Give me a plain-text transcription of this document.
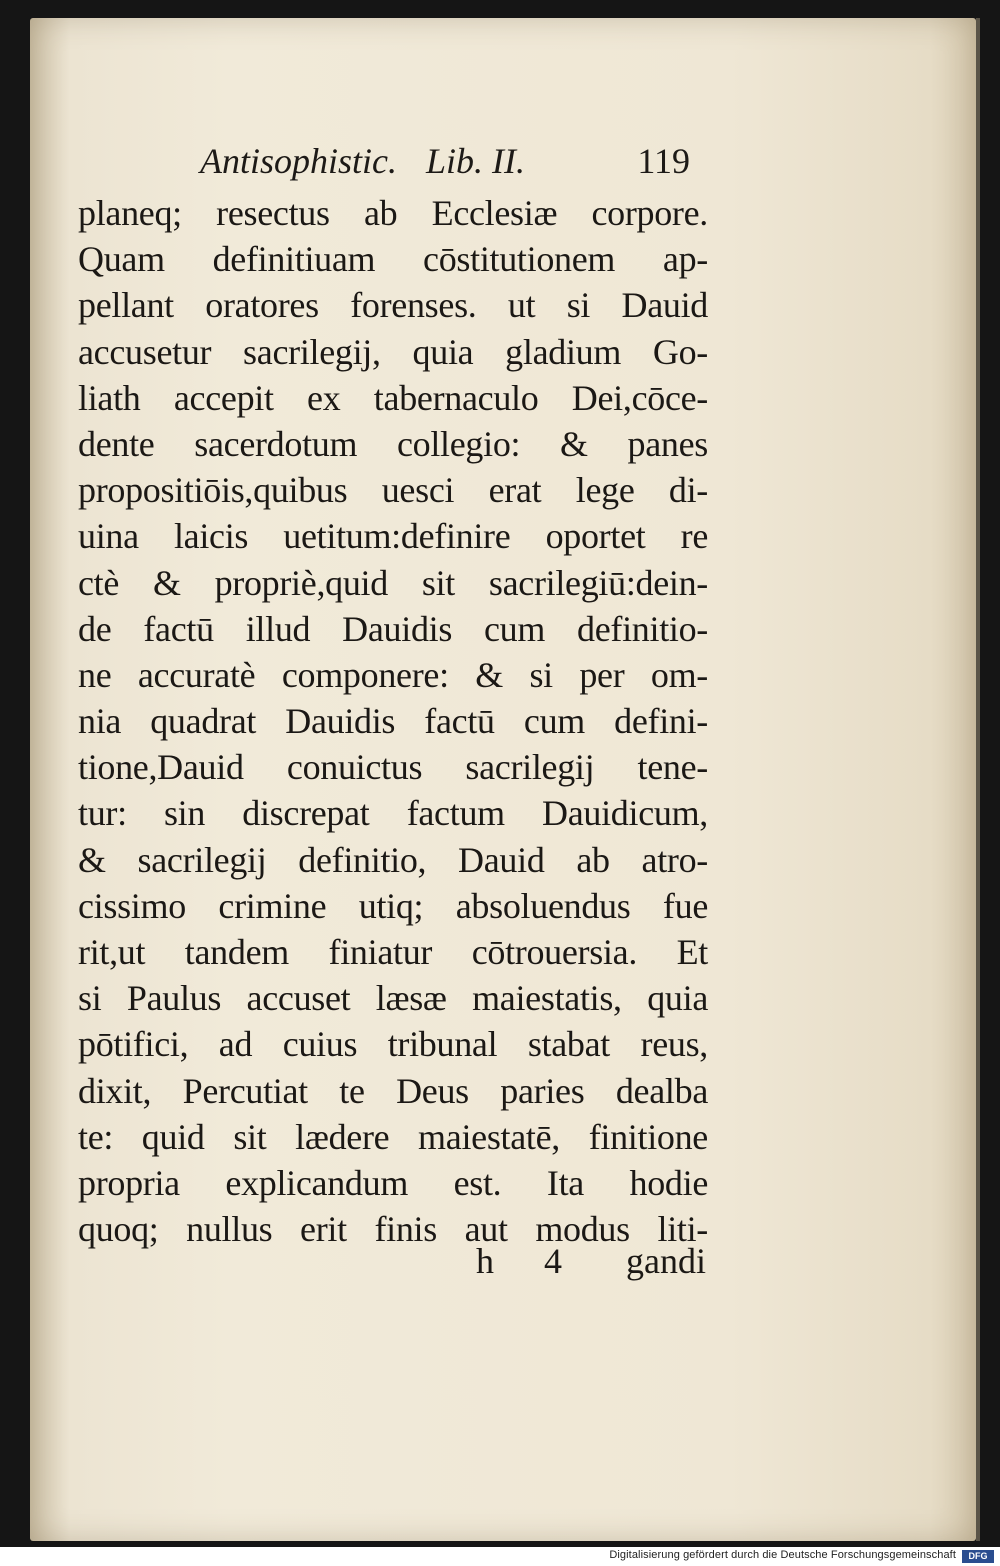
Antisophistic. Lib. II.	119
planeq; resectus ab Ecclesiæ corpore.
Quam definitiuam cōstitutionem ap-
pellant oratores forenses. ut si Dauid
accusetur sacrilegij, quia gladium Go-
liath accepit ex tabernaculo Dei,cōce-
dente sacerdotum collegio: & panes
propositiōis,quibus uesci erat lege di-
uina laicis uetitum:definire oportet re
ctè & propriè,quid sit sacrilegiū:dein-
de factū illud Dauidis cum definitio-
ne accuratè componere: & si per om-
nia quadrat Dauidis factū cum defini-
tione,Dauid conuictus sacrilegij tene-
tur: sin discrepat factum Dauidicum,
& sacrilegij definitio, Dauid ab atro-
cissimo crimine utiq; absoluendus fue
rit,ut tandem finiatur cōtrouersia. Et
si Paulus accuset læsæ maiestatis, quia
pōtifici, ad cuius tribunal stabat reus,
dixit, Percutiat te Deus paries dealba
te: quid sit lædere maiestatē, finitione
propria explicandum est. Ita hodie
quoq; nullus erit finis aut modus liti-
h 4 gandi
Digitalisierung gefördert durch die Deutsche Forschungsgemeinschaft	DFG
